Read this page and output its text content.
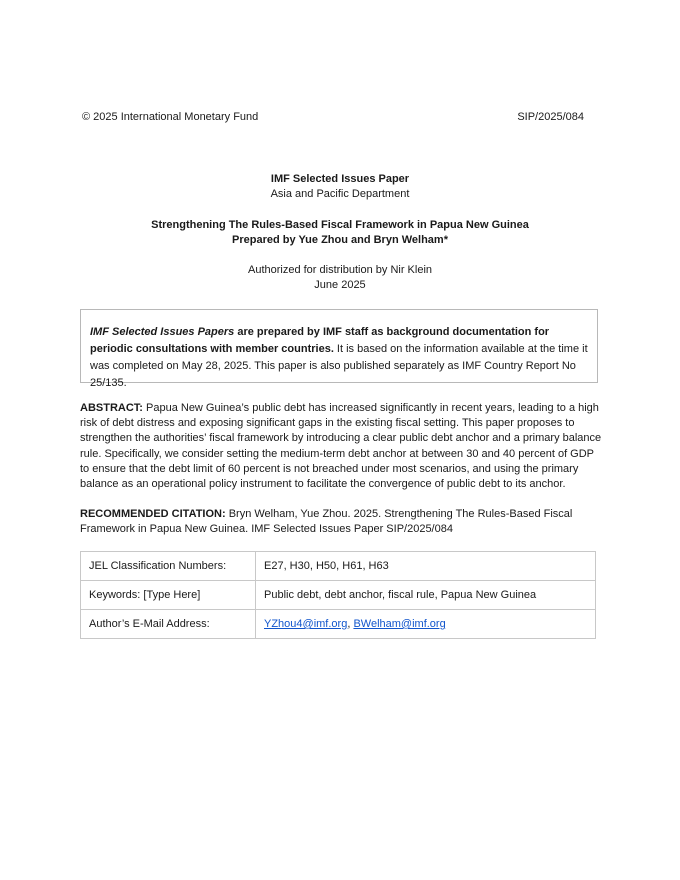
© 2025 International Monetary Fund	SIP/2025/084
IMF Selected Issues Paper
Asia and Pacific Department
Strengthening The Rules-Based Fiscal Framework in Papua New Guinea
Prepared by Yue Zhou and Bryn Welham*
Authorized for distribution by Nir Klein
June 2025
IMF Selected Issues Papers are prepared by IMF staff as background documentation for periodic consultations with member countries. It is based on the information available at the time it was completed on May 28, 2025. This paper is also published separately as IMF Country Report No 25/135.
ABSTRACT: Papua New Guinea’s public debt has increased significantly in recent years, leading to a high risk of debt distress and exposing significant gaps in the existing fiscal setting. This paper proposes to strengthen the authorities’ fiscal framework by introducing a clear public debt anchor and a primary balance rule. Specifically, we consider setting the medium-term debt anchor at between 30 and 40 percent of GDP to ensure that the debt limit of 60 percent is not breached under most scenarios, and using the primary balance as an operational policy instrument to facilitate the convergence of public debt to its anchor.
RECOMMENDED CITATION: Bryn Welham, Yue Zhou. 2025. Strengthening The Rules-Based Fiscal Framework in Papua New Guinea. IMF Selected Issues Paper SIP/2025/084
JEL Classification Numbers:	E27, H30, H50, H61, H63
Keywords: [Type Here]	Public debt, debt anchor, fiscal rule, Papua New Guinea
Author’s E-Mail Address:	YZhou4@imf.org, BWelham@imf.org
